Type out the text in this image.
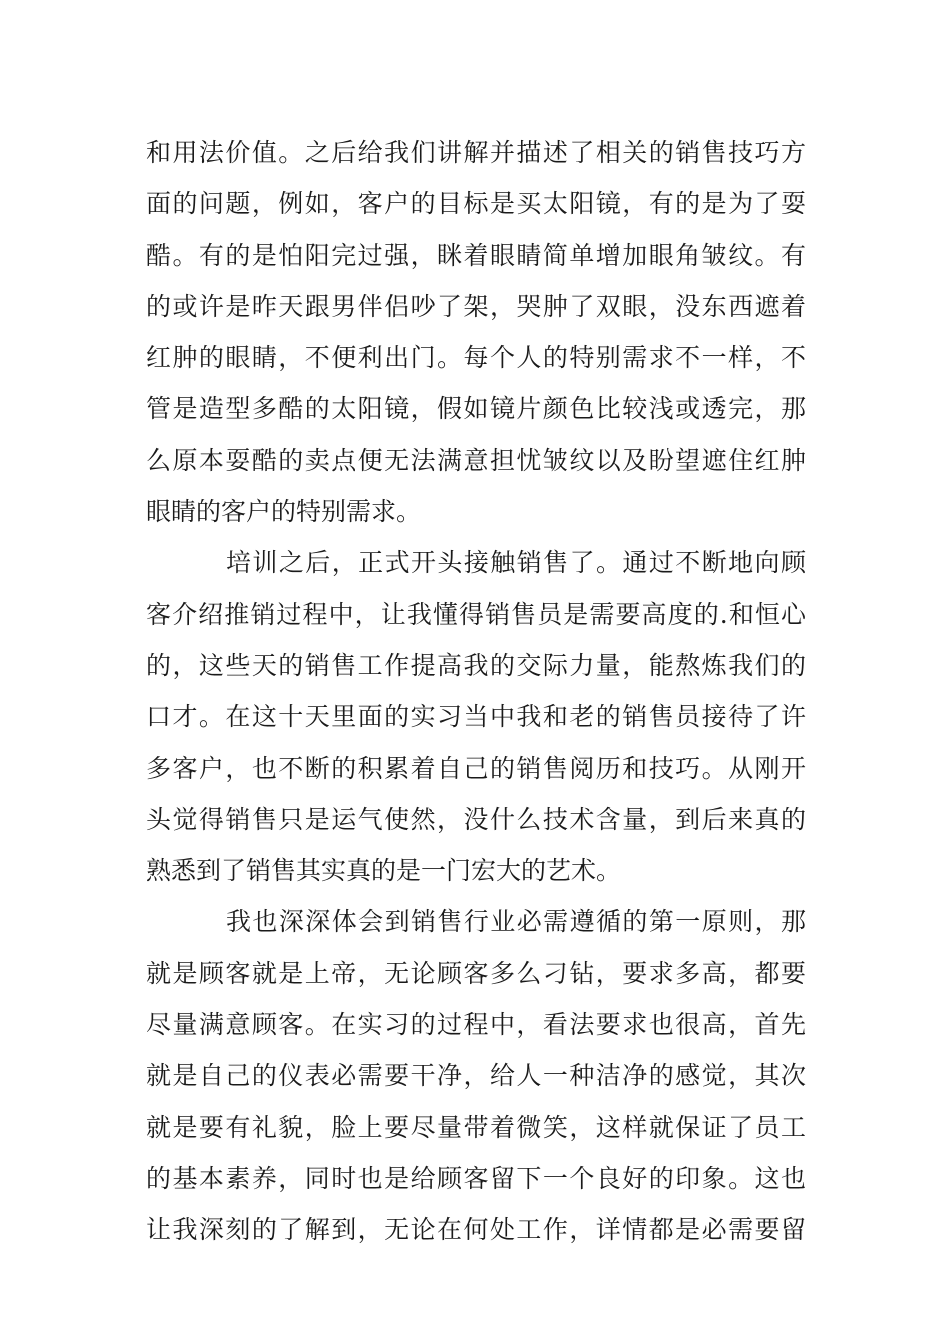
和用法价值。之后给我们讲解并描述了相关的销售技巧方
面的问题，例如，客户的目标是买太阳镜，有的是为了耍
酷。有的是怕阳完过强，眯着眼睛简单增加眼角皱纹。有
的或许是昨天跟男伴侣吵了架，哭肿了双眼，没东西遮着
红肿的眼睛，不便利出门。每个人的特别需求不一样，不
管是造型多酷的太阳镜，假如镜片颜色比较浅或透完，那
么原本耍酷的卖点便无法满意担忧皱纹以及盼望遮住红肿
眼睛的客户的特别需求。
培训之后，正式开头接触销售了。通过不断地向顾
客介绍推销过程中，让我懂得销售员是需要高度的.和恒心
的，这些天的销售工作提高我的交际力量，能熬炼我们的
口才。在这十天里面的实习当中我和老的销售员接待了许
多客户，也不断的积累着自己的销售阅历和技巧。从刚开
头觉得销售只是运气使然，没什么技术含量，到后来真的
熟悉到了销售其实真的是一门宏大的艺术。
我也深深体会到销售行业必需遵循的第一原则，那
就是顾客就是上帝，无论顾客多么刁钻，要求多高，都要
尽量满意顾客。在实习的过程中，看法要求也很高，首先
就是自己的仪表必需要干净，给人一种洁净的感觉，其次
就是要有礼貌，脸上要尽量带着微笑，这样就保证了员工
的基本素养，同时也是给顾客留下一个良好的印象。这也
让我深刻的了解到，无论在何处工作，详情都是必需要留
